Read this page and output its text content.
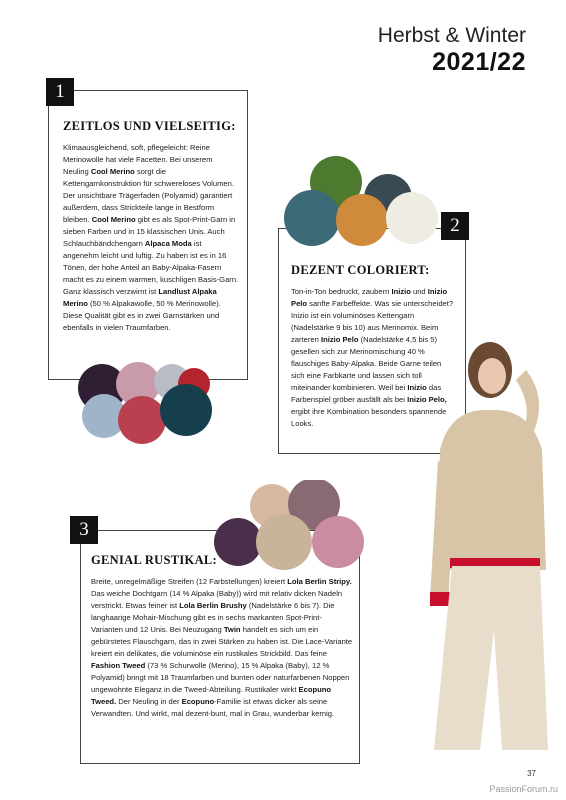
Herbst & Winter
2021/22
ZEITLOS UND VIELSEITIG:
Klimaausgleichend, soft, pflegeleicht: Reine Merinowolle hat viele Facetten. Bei unserem Neuling Cool Merino sorgt die Kettengarnkonstruktion für schwereloses Volumen. Der unsichtbare Trägerfaden (Polyamid) garantiert außerdem, dass Strickteile lange in Bestform bleiben. Cool Merino gibt es als Spot-Print-Garn in sieben Farben und in 15 klassischen Unis. Auch Schlauchbändchengarn Alpaca Moda ist angenehm leicht und luftig. Zu haben ist es in 16 Tönen, der hohe Anteil an Baby-Alpaka-Fasern macht es zu einem warmen, kuschligen Basis-Garn. Ganz klassisch verzwirnt ist Landlust Alpaka Merino (50 % Alpakawolle, 50 % Merinowolle). Diese Qualität gibt es in zwei Garnstärken und ebenfalls in vielen Traumfarben.
1
DEZENT COLORIERT:
Ton-in-Ton bedruckt, zaubern Inizio und Inizio Pelo sanfte Farbeffekte. Was sie unterscheidet? Inizio ist ein voluminöses Kettengarn (Nadelstärke 9 bis 10) aus Merinomix. Beim zarteren Inizio Pelo (Nadelstärke 4,5 bis 5) gesellen sich zur Merinomischung 40 % flauschiges Baby-Alpaka. Beide Garne teilen sich eine Farbkarte und lassen sich toll miteinander kombinieren. Weil bei Inizio das Farbenspiel gröber ausfällt als bei Inizio Pelo, ergibt ihre Kombination besonders spannende Looks.
2
GENIAL RUSTIKAL:
Breite, unregelmäßige Streifen (12 Farbstellungen) kreiert Lola Berlin Stripy. Das weiche Dochtgarn (14 % Alpaka (Baby)) wird mit relativ dicken Nadeln verstrickt. Etwas feiner ist Lola Berlin Brushy (Nadelstärke 6 bis 7). Die langhaarige Mohair-Mischung gibt es in sechs markanten Spot-Print-Varianten und 12 Unis. Bei Neuzugang Twin handelt es sich um ein gebürstetes Flauschgarn, das in zwei Stärken zu haben ist. Die Lace-Variante kreiert ein delikates, die voluminöse ein rustikales Strickbild. Das feine Fashion Tweed (73 % Schurwolle (Merino), 15 % Alpaka (Baby), 12 % Polyamid) bringt mit 18 Traumfarben und bunten oder naturfarbenen Noppen ungewohnte Eleganz in die Tweed-Abteilung. Rustikaler wirkt Ecopuno Tweed. Der Neuling in der Ecopuno-Familie ist etwas dicker als seine Verwandten. Und wirkt, mal dezent-bunt, mal in Grau, wunderbar kernig.
3
37
PassionForum.ru
